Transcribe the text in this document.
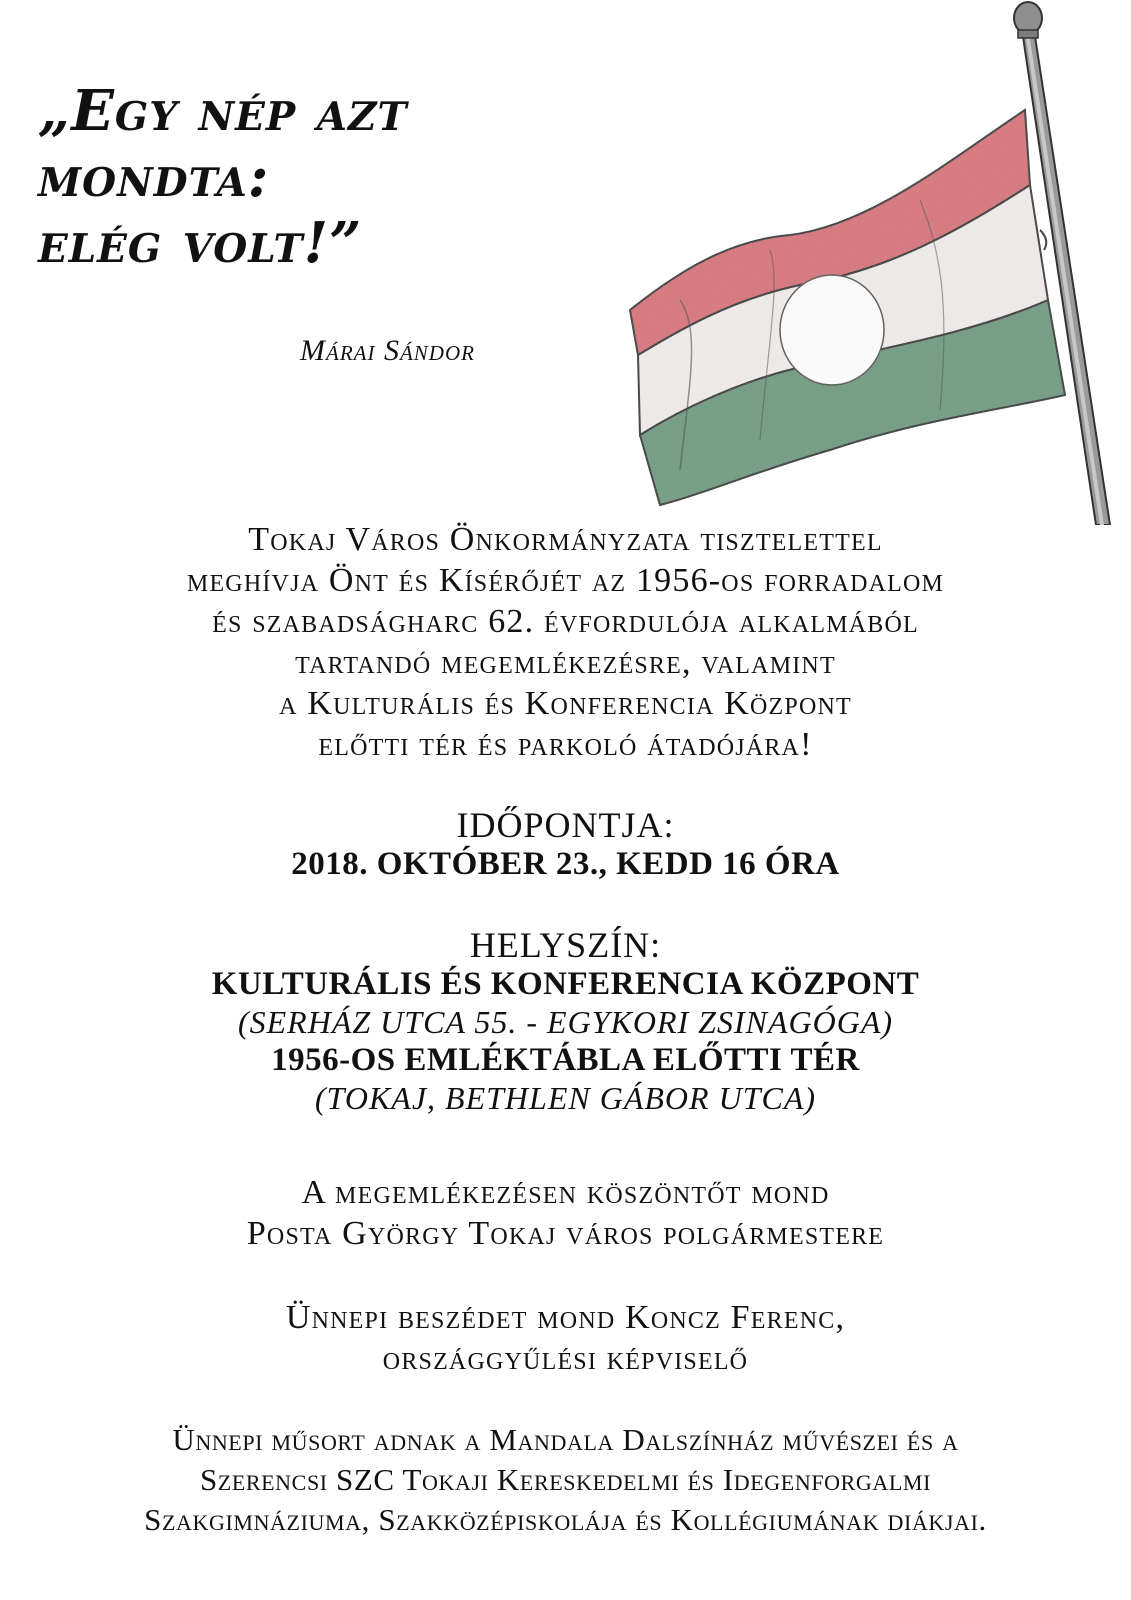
„Egy nép azt
mondta:
elég volt!”
Márai Sándor
Tokaj Város Önkormányzata tisztelettel
meghívja Önt és Kísérőjét az 1956-os forradalom
és szabadságharc 62. évfordulója alkalmából
tartandó megemlékezésre, valamint
a Kulturális és Konferencia Központ
előtti tér és parkoló átadójára!
IDŐPONTJA:
2018. OKTÓBER 23., KEDD 16 ÓRA
HELYSZÍN:
KULTURÁLIS ÉS KONFERENCIA KÖZPONT
(SERHÁZ UTCA 55. - EGYKORI ZSINAGÓGA)
1956-OS EMLÉKTÁBLA ELŐTTI TÉR
(TOKAJ, BETHLEN GÁBOR UTCA)
A megemlékezésen köszöntőt mond
Posta György Tokaj város polgármestere
Ünnepi beszédet mond Koncz Ferenc,
országgyűlési képviselő
Ünnepi műsort adnak a Mandala Dalszínház művészei és a
Szerencsi SZC Tokaji Kereskedelmi és Idegenforgalmi
Szakgimnáziuma, Szakközépiskolája és Kollégiumának diákjai.
